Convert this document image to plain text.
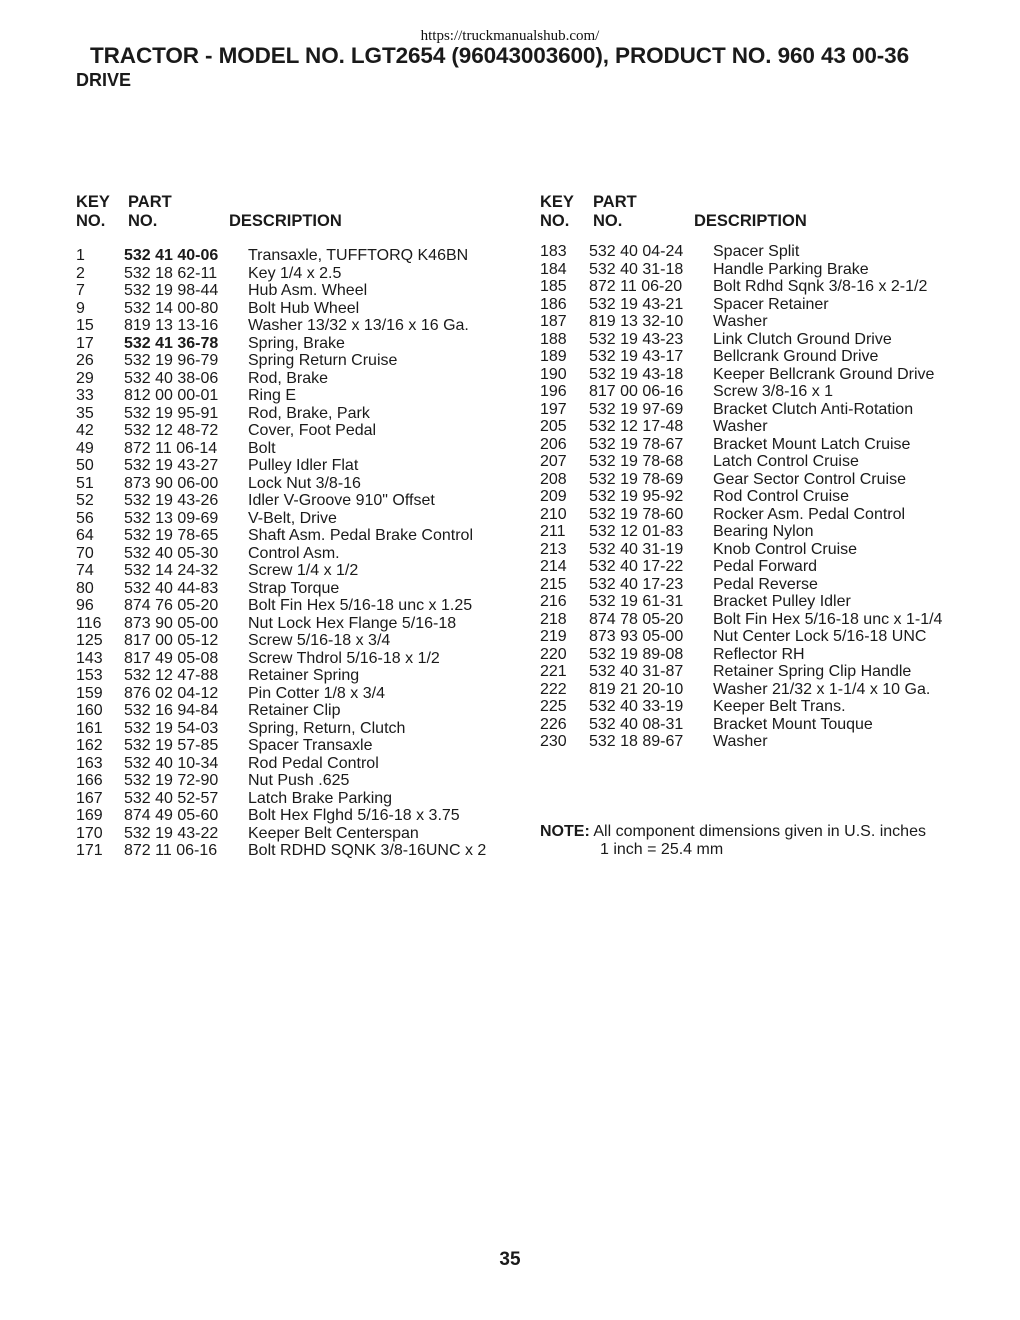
https://truckmanualshub.com/
TRACTOR - MODEL NO. LGT2654 (96043003600), PRODUCT NO. 960 43 00-36
DRIVE
KEY
NO.
PART
NO.	DESCRIPTION
1 532 41 40-06 Transaxle, TUFFTORQ K46BN
2 532 18 62-11 Key 1/4 x 2.5
7 532 19 98-44 Hub Asm. Wheel
9 532 14 00-80 Bolt Hub Wheel
15 819 13 13-16 Washer 13/32 x 13/16 x 16 Ga.
17 532 41 36-78 Spring, Brake
26 532 19 96-79 Spring Return Cruise
29 532 40 38-06 Rod, Brake
33 812 00 00-01 Ring E
35 532 19 95-91 Rod, Brake, Park
42 532 12 48-72 Cover, Foot Pedal
49 872 11 06-14 Bolt
50 532 19 43-27 Pulley Idler Flat
51 873 90 06-00 Lock Nut 3/8-16
52 532 19 43-26 Idler V-Groove 910" Offset
56 532 13 09-69 V-Belt, Drive
64 532 19 78-65 Shaft Asm. Pedal Brake Control
70 532 40 05-30 Control Asm.
74 532 14 24-32 Screw 1/4 x 1/2
80 532 40 44-83 Strap Torque
96 874 76 05-20 Bolt Fin Hex 5/16-18 unc x 1.25
116 873 90 05-00 Nut Lock Hex Flange 5/16-18
125 817 00 05-12 Screw 5/16-18 x 3/4
143 817 49 05-08 Screw Thdrol 5/16-18 x 1/2
153 532 12 47-88 Retainer Spring
159 876 02 04-12 Pin Cotter 1/8 x 3/4
160 532 16 94-84 Retainer Clip
161 532 19 54-03 Spring, Return, Clutch
162 532 19 57-85 Spacer Transaxle
163 532 40 10-34 Rod Pedal Control
166 532 19 72-90 Nut Push .625
167 532 40 52-57 Latch Brake Parking
169 874 49 05-60 Bolt Hex Flghd 5/16-18 x 3.75
170 532 19 43-22 Keeper Belt Centerspan
171 872 11 06-16 Bolt RDHD SQNK 3/8-16UNC x 2
KEY
NO.
PART
NO.	DESCRIPTION
183 532 40 04-24 Spacer Split
184 532 40 31-18 Handle Parking Brake
185 872 11 06-20 Bolt Rdhd Sqnk 3/8-16 x 2-1/2
186 532 19 43-21 Spacer Retainer
187 819 13 32-10 Washer
188 532 19 43-23 Link Clutch Ground Drive
189 532 19 43-17 Bellcrank Ground Drive
190 532 19 43-18 Keeper Bellcrank Ground Drive
196 817 00 06-16 Screw 3/8-16 x 1
197 532 19 97-69 Bracket Clutch Anti-Rotation
205 532 12 17-48 Washer
206 532 19 78-67 Bracket Mount Latch Cruise
207 532 19 78-68 Latch Control Cruise
208 532 19 78-69 Gear Sector Control Cruise
209 532 19 95-92 Rod Control Cruise
210 532 19 78-60 Rocker Asm. Pedal Control
211 532 12 01-83 Bearing Nylon
213 532 40 31-19 Knob Control Cruise
214 532 40 17-22 Pedal Forward
215 532 40 17-23 Pedal Reverse
216 532 19 61-31 Bracket Pulley Idler
218 874 78 05-20 Bolt Fin Hex 5/16-18 unc x 1-1/4
219 873 93 05-00 Nut Center Lock 5/16-18 UNC
220 532 19 89-08 Reflector RH
221 532 40 31-87 Retainer Spring Clip Handle
222 819 21 20-10 Washer 21/32 x 1-1/4 x 10 Ga.
225 532 40 33-19 Keeper Belt Trans.
226 532 40 08-31 Bracket Mount Touque
230 532 18 89-67 Washer
NOTE: All component dimensions given in U.S. inches
1 inch = 25.4 mm
35
